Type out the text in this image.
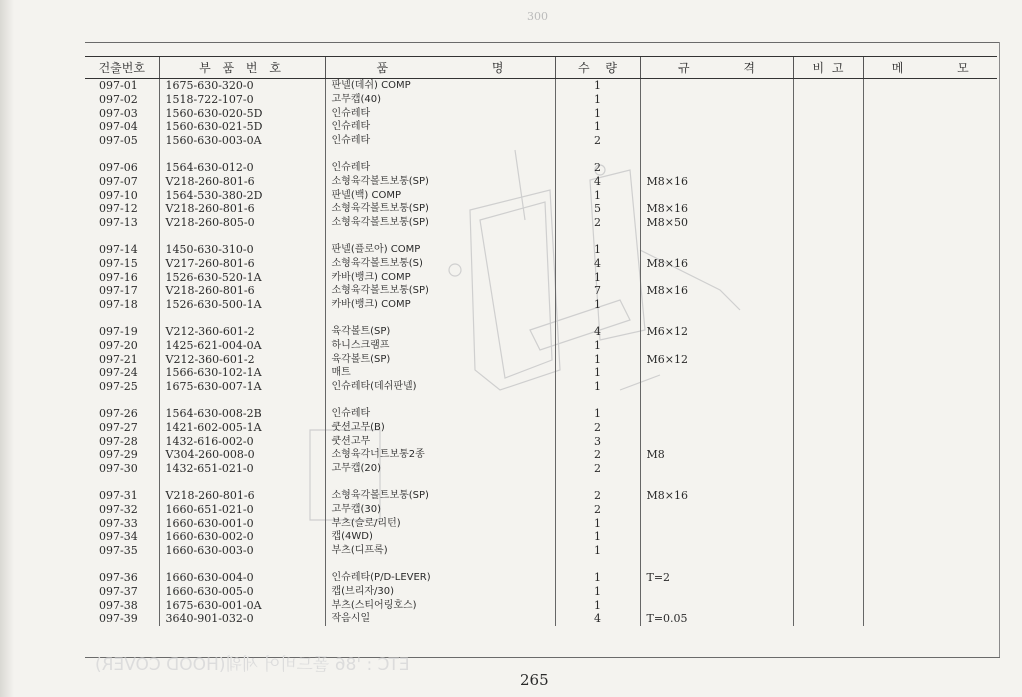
300
건출번호	부 품 번 호	품 명	수 량	규 격	비 고	메 모
097-01	1675-630-320-0	판넬(데쉬) COMP	1			
097-02	1518-722-107-0	고무캡(40)	1			
097-03	1560-630-020-5D	인슈레타	1			
097-04	1560-630-021-5D	인슈레타	1			
097-05	1560-630-003-0A	인슈레타	2			

097-06	1564-630-012-0	인슈레타	2			
097-07	V218-260-801-6	소형육각볼트보통(SP)	4	M8×16		
097-10	1564-530-380-2D	판넬(백) COMP	1			
097-12	V218-260-801-6	소형육각볼트보통(SP)	5	M8×16		
097-13	V218-260-805-0	소형육각볼트보통(SP)	2	M8×50		

097-14	1450-630-310-0	판넬(플로아) COMP	1			
097-15	V217-260-801-6	소형육각볼트보통(S)	4	M8×16		
097-16	1526-630-520-1A	카바(뱅크) COMP	1			
097-17	V218-260-801-6	소형육각볼트보통(SP)	7	M8×16		
097-18	1526-630-500-1A	카바(뱅크) COMP	1			

097-19	V212-360-601-2	육각볼트(SP)	4	M6×12		
097-20	1425-621-004-0A	하니스크램프	1			
097-21	V212-360-601-2	육각볼트(SP)	1	M6×12		
097-24	1566-630-102-1A	매트	1			
097-25	1675-630-007-1A	인슈레타(데쉬판넬)	1			

097-26	1564-630-008-2B	인슈레타	1			
097-27	1421-602-005-1A	쿳션고무(B)	2			
097-28	1432-616-002-0	쿳션고무	3			
097-29	V304-260-008-0	소형육각너트보통2종	2	M8		
097-30	1432-651-021-0	고무캡(20)	2			

097-31	V218-260-801-6	소형육각볼트보통(SP)	2	M8×16		
097-32	1660-651-021-0	고무캡(30)	2			
097-33	1660-630-001-0	부츠(슬로/리턴)	1			
097-34	1660-630-002-0	캡(4WD)	1			
097-35	1660-630-003-0	부츠(디프록)	1			

097-36	1660-630-004-0	인슈레타(P/D-LEVER)	1	T=2		
097-37	1660-630-005-0	캡(브리자/30)	1			
097-38	1675-630-001-0A	부츠(스티어링호스)	1			
097-39	3640-901-032-0	작음시일	4	T=0.05		
ETC : '86 폴드비어 세웨(HOOD COVER)
265
